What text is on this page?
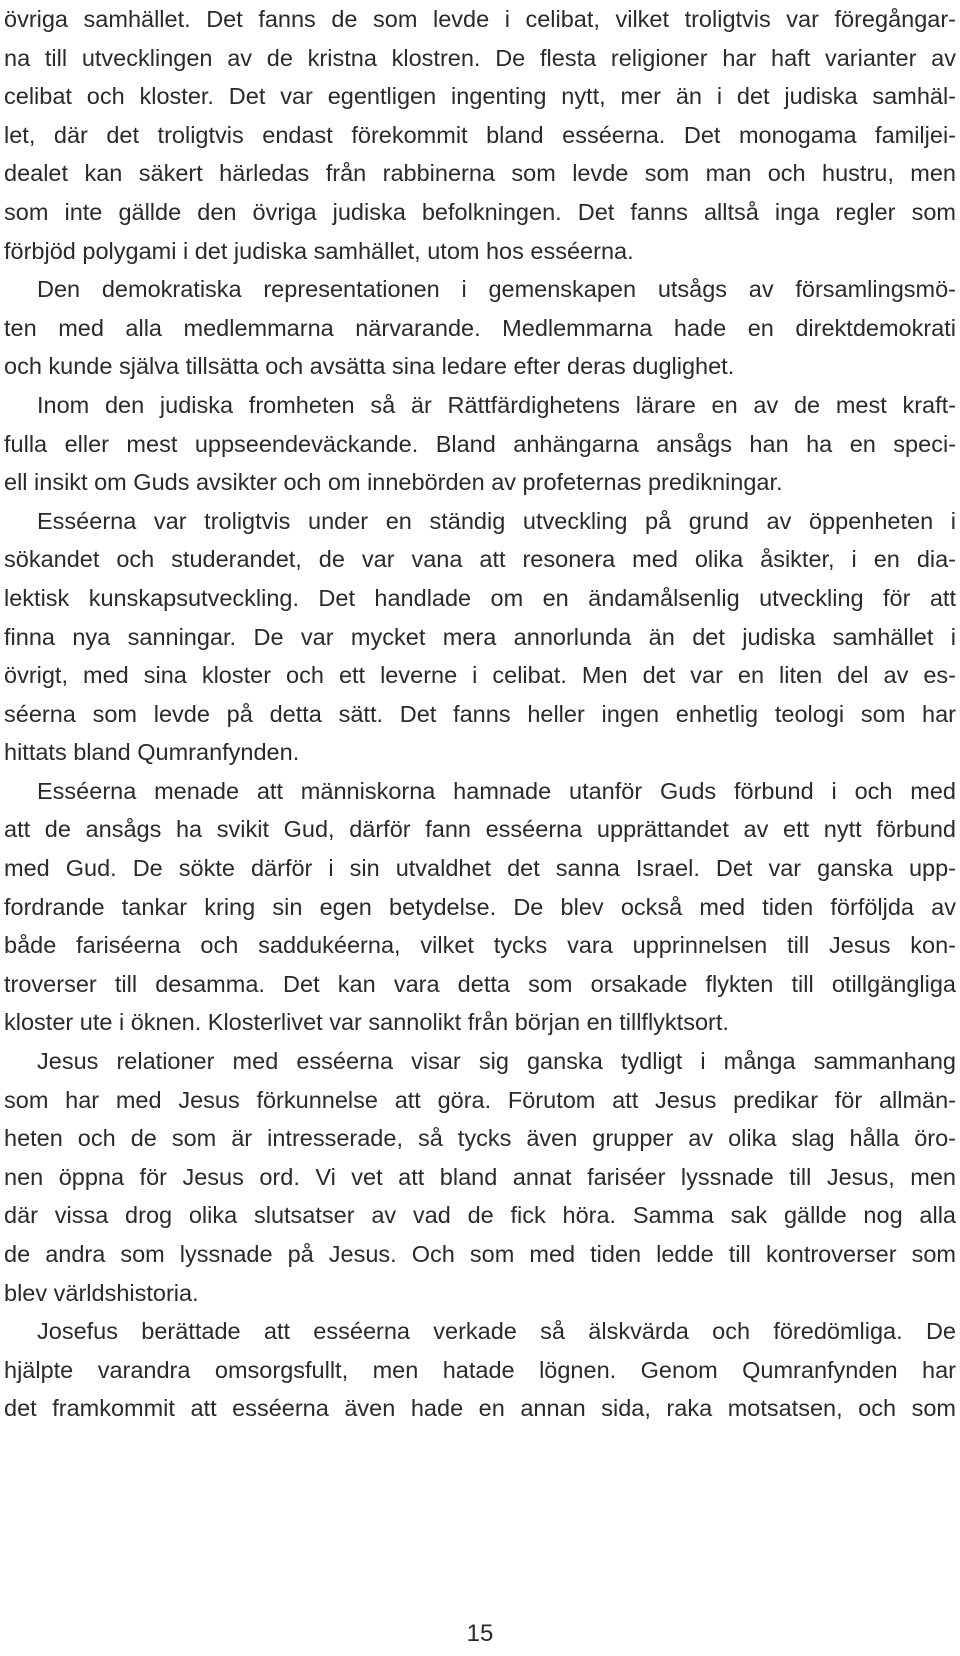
övriga samhället. Det fanns de som levde i celibat, vilket troligtvis var föregångar-
na till utvecklingen av de kristna klostren. De flesta religioner har haft varianter av
celibat och kloster. Det var egentligen ingenting nytt, mer än i det judiska samhäl-
let, där det troligtvis endast förekommit bland esséerna. Det monogama familjei-
dealet kan säkert härledas från rabbinerna som levde som man och hustru, men
som inte gällde den övriga judiska befolkningen. Det fanns alltså inga regler som
förbjöd polygami i det judiska samhället, utom hos esséerna.
Den demokratiska representationen i gemenskapen utsågs av församlingsmö-
ten med alla medlemmarna närvarande. Medlemmarna hade en direktdemokrati
och kunde själva tillsätta och avsätta sina ledare efter deras duglighet.
Inom den judiska fromheten så är Rättfärdighetens lärare en av de mest kraft-
fulla eller mest uppseendeväckande. Bland anhängarna ansågs han ha en speci-
ell insikt om Guds avsikter och om innebörden av profeternas predikningar.
Esséerna var troligtvis under en ständig utveckling på grund av öppenheten i
sökandet och studerandet, de var vana att resonera med olika åsikter, i en dia-
lektisk kunskapsutveckling. Det handlade om en ändamålsenlig utveckling för att
finna nya sanningar. De var mycket mera annorlunda än det judiska samhället i
övrigt, med sina kloster och ett leverne i celibat. Men det var en liten del av es-
séerna som levde på detta sätt. Det fanns heller ingen enhetlig teologi som har
hittats bland Qumranfynden.
Esséerna menade att människorna hamnade utanför Guds förbund i och med
att de ansågs ha svikit Gud, därför fann esséerna upprättandet av ett nytt förbund
med Gud. De sökte därför i sin utvaldhet det sanna Israel. Det var ganska upp-
fordrande tankar kring sin egen betydelse. De blev också med tiden förföljda av
både fariséerna och saddukéerna, vilket tycks vara upprinnelsen till Jesus kon-
troverser till desamma. Det kan vara detta som orsakade flykten till otillgängliga
kloster ute i öknen. Klosterlivet var sannolikt från början en tillflyktsort.
Jesus relationer med esséerna visar sig ganska tydligt i många sammanhang
som har med Jesus förkunnelse att göra. Förutom att Jesus predikar för allmän-
heten och de som är intresserade, så tycks även grupper av olika slag hålla öro-
nen öppna för Jesus ord. Vi vet att bland annat fariséer lyssnade till Jesus, men
där vissa drog olika slutsatser av vad de fick höra. Samma sak gällde nog alla
de andra som lyssnade på Jesus. Och som med tiden ledde till kontroverser som
blev världshistoria.
Josefus berättade att esséerna verkade så älskvärda och föredömliga. De
hjälpte varandra omsorgsfullt, men hatade lögnen. Genom Qumranfynden har
det framkommit att esséerna även hade en annan sida, raka motsatsen, och som
15
